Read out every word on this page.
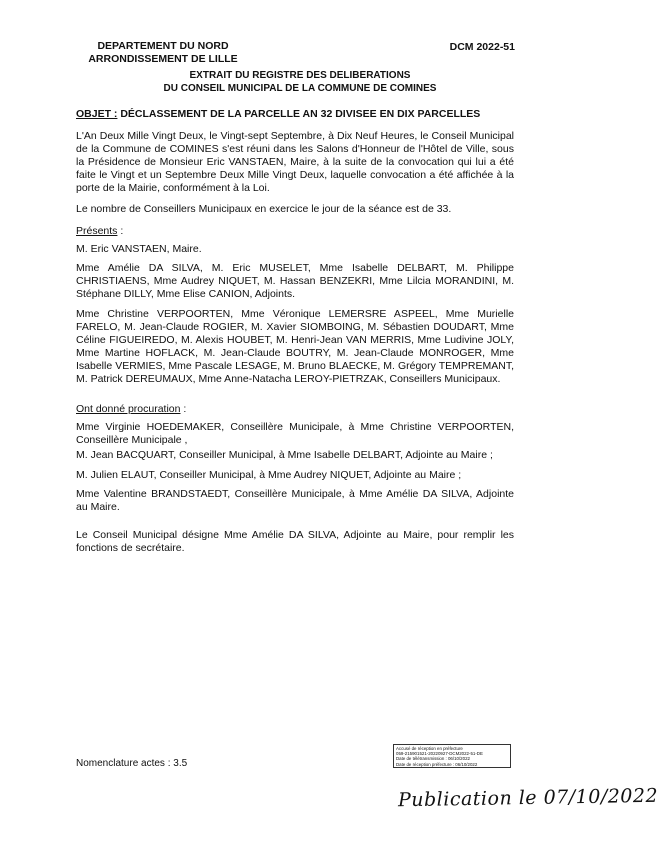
DEPARTEMENT DU NORD
ARRONDISSEMENT DE LILLE
DCM 2022-51
EXTRAIT DU REGISTRE DES DELIBERATIONS
DU CONSEIL MUNICIPAL DE LA COMMUNE DE COMINES
OBJET : DÉCLASSEMENT DE LA PARCELLE AN 32 DIVISEE EN DIX PARCELLES
L'An Deux Mille Vingt Deux, le Vingt-sept Septembre, à Dix Neuf Heures, le Conseil Municipal de la Commune de COMINES s'est réuni dans les Salons d'Honneur de l'Hôtel de Ville, sous la Présidence de Monsieur Eric VANSTAEN, Maire, à la suite de la convocation qui lui a été faite le Vingt et un Septembre Deux Mille Vingt Deux, laquelle convocation a été affichée à la porte de la Mairie, conformément à la Loi.
Le nombre de Conseillers Municipaux en exercice le jour de la séance est de 33.
Présents :
M. Eric VANSTAEN, Maire.
Mme Amélie DA SILVA, M. Eric MUSELET, Mme Isabelle DELBART, M. Philippe CHRISTIAENS, Mme Audrey NIQUET, M. Hassan BENZEKRI, Mme Lilcia MORANDINI, M. Stéphane DILLY, Mme Elise CANION, Adjoints.
Mme Christine VERPOORTEN, Mme Véronique LEMERSRE ASPEEL, Mme Murielle FARELO, M. Jean-Claude ROGIER, M. Xavier SIOMBOING, M. Sébastien DOUDART, Mme Céline FIGUEIREDO, M. Alexis HOUBET, M. Henri-Jean VAN MERRIS, Mme Ludivine JOLY, Mme Martine HOFLACK, M. Jean-Claude BOUTRY, M. Jean-Claude MONROGER, Mme Isabelle VERMIES, Mme Pascale LESAGE, M. Bruno BLAECKE, M. Grégory TEMPREMANT, M. Patrick DEREUMAUX, Mme Anne-Natacha LEROY-PIETRZAK, Conseillers Municipaux.
Ont donné procuration :
Mme Virginie HOEDEMAKER, Conseillère Municipale, à Mme Christine VERPOORTEN, Conseillère Municipale ,
M. Jean BACQUART, Conseiller Municipal, à Mme Isabelle DELBART, Adjointe au Maire ;
M. Julien ELAUT, Conseiller Municipal, à Mme Audrey NIQUET, Adjointe au Maire ;
Mme Valentine BRANDSTAEDT, Conseillère Municipale, à Mme Amélie DA SILVA, Adjointe au Maire.
Le Conseil Municipal désigne Mme Amélie DA SILVA, Adjointe au Maire, pour remplir les fonctions de secrétaire.
Nomenclature actes : 3.5
Accusé de réception en préfecture
059-215901521-20220927-DCM2022-51-DE
Date de télétransmission : 06/10/2022
Date de réception préfecture : 06/10/2022
Publication le 07/10/2022
